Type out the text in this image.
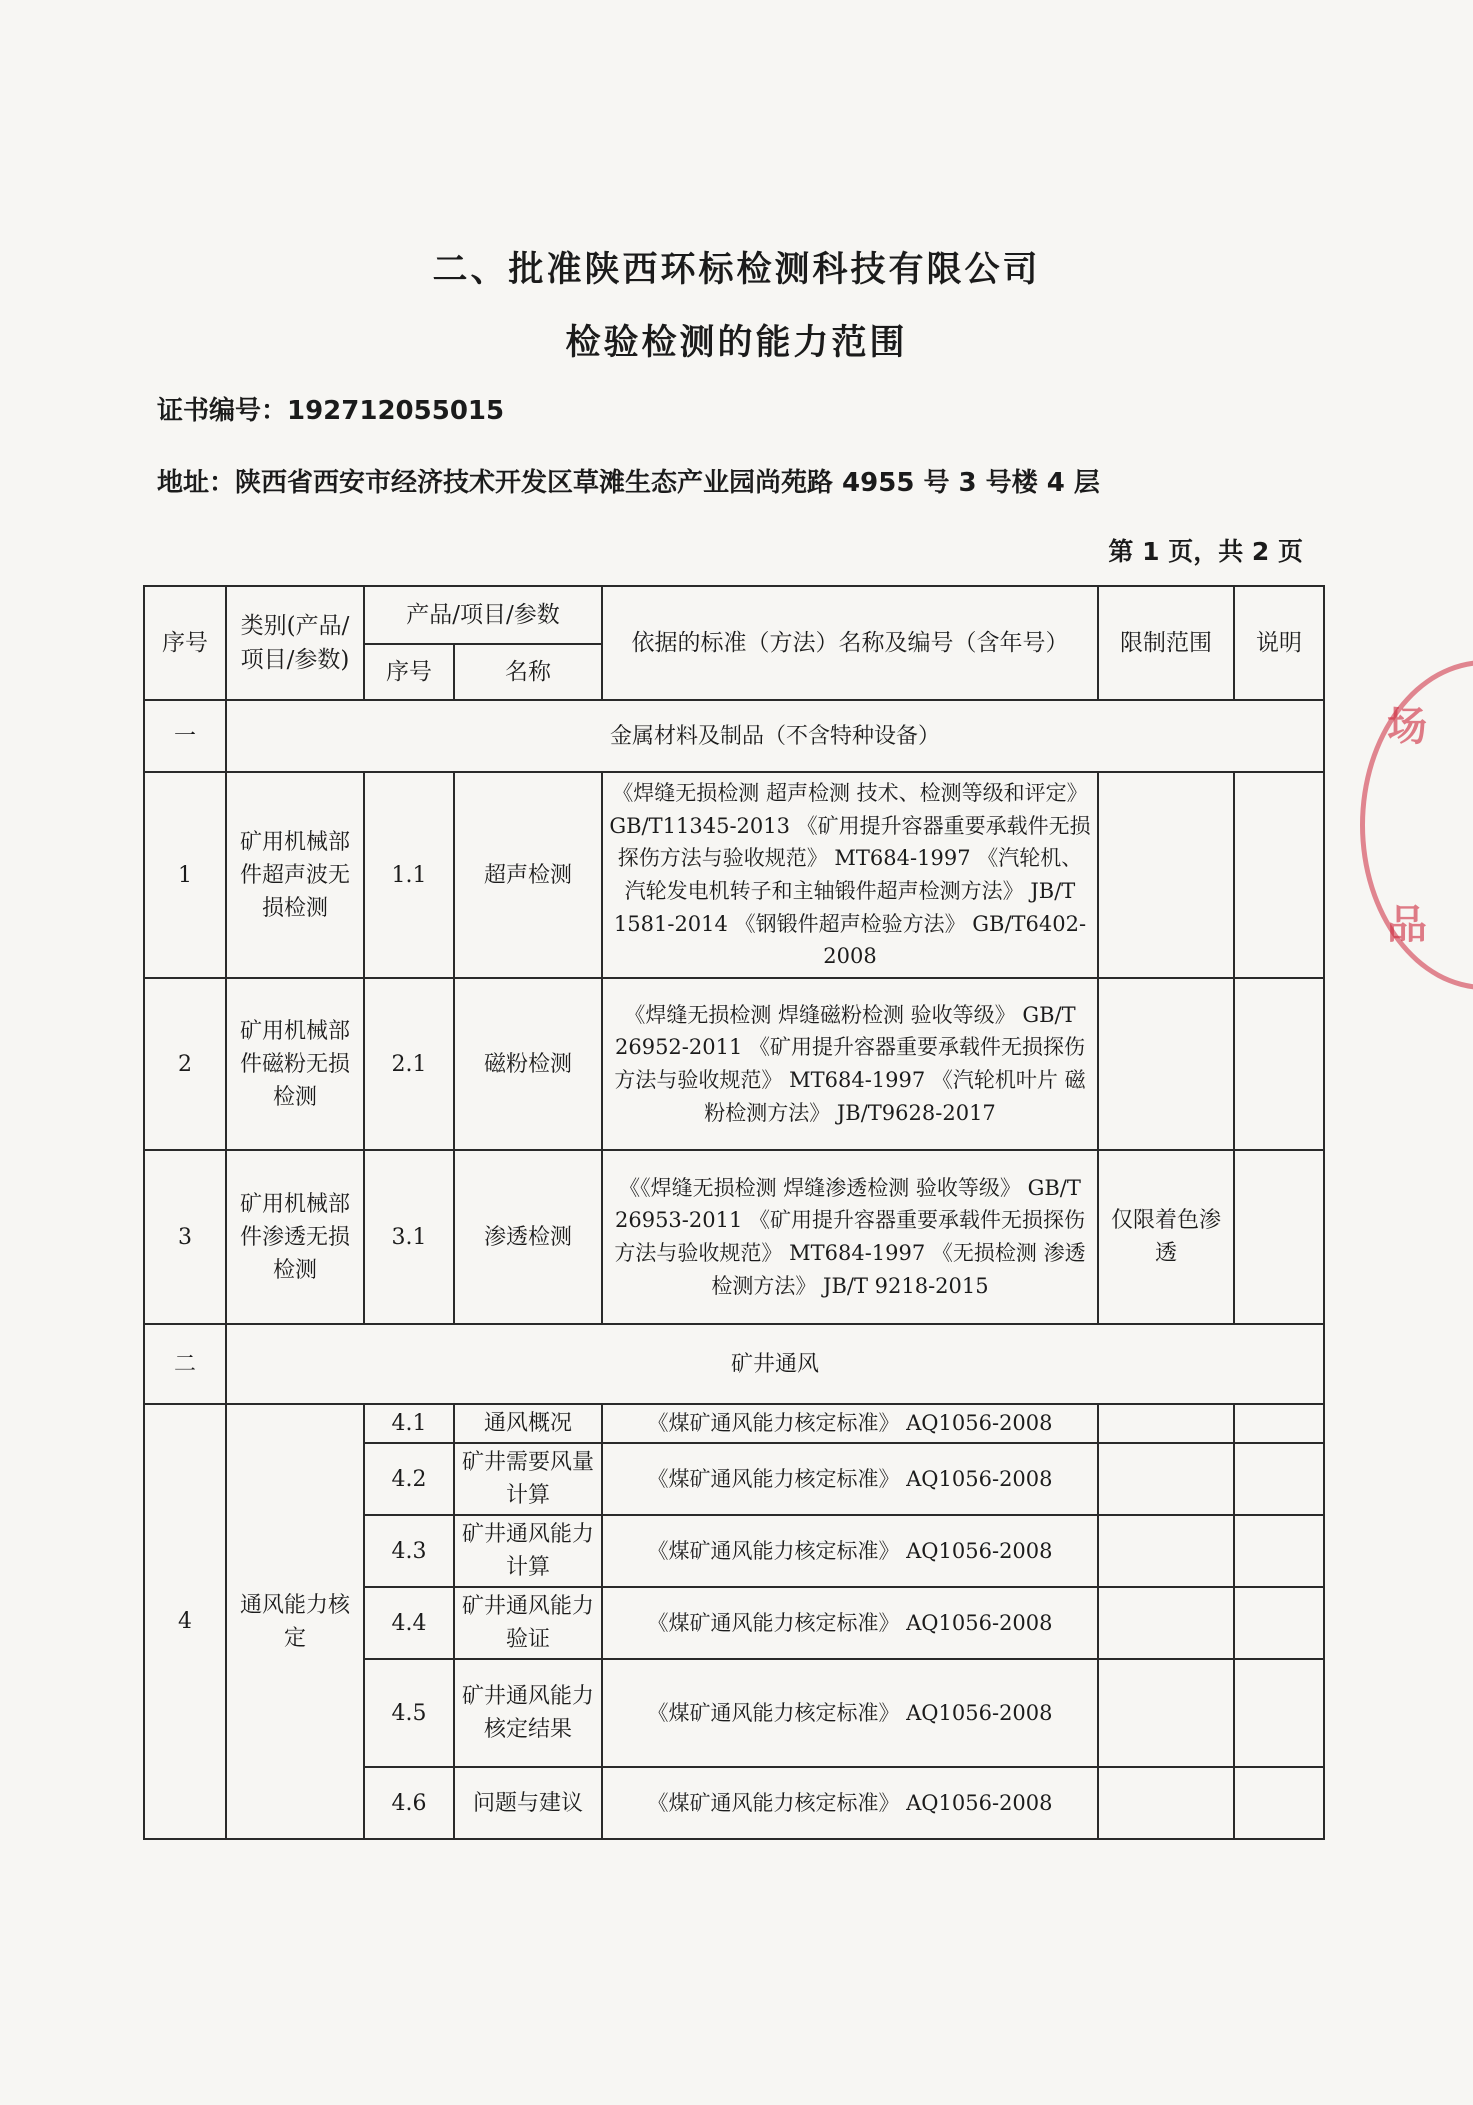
二、批准陕西环标检测科技有限公司
检验检测的能力范围
证书编号：192712055015
地址：陕西省西安市经济技术开发区草滩生态产业园尚苑路 4955 号 3 号楼 4 层
第 1 页，共 2 页
序号	类别(产品/项目/参数)	产品/项目/参数		依据的标准（方法）名称及编号（含年号）	限制范围	说明
		序号	名称			
一	金属材料及制品（不含特种设备）					
1	矿用机械部件超声波无损检测	1.1	超声检测	《焊缝无损检测 超声检测 技术、检测等级和评定》 GB/T11345-2013 《矿用提升容器重要承载件无损探伤方法与验收规范》 MT684-1997 《汽轮机、汽轮发电机转子和主轴锻件超声检测方法》 JB/T 1581-2014 《钢锻件超声检验方法》 GB/T6402-2008		
2	矿用机械部件磁粉无损检测	2.1	磁粉检测	《焊缝无损检测 焊缝磁粉检测 验收等级》 GB/T 26952-2011 《矿用提升容器重要承载件无损探伤方法与验收规范》 MT684-1997 《汽轮机叶片 磁粉检测方法》 JB/T9628-2017		
3	矿用机械部件渗透无损检测	3.1	渗透检测	《《焊缝无损检测 焊缝渗透检测 验收等级》 GB/T 26953-2011 《矿用提升容器重要承载件无损探伤方法与验收规范》 MT684-1997 《无损检测 渗透检测方法》 JB/T 9218-2015	仅限着色渗透	
二	矿井通风					
4	通风能力核定	4.1	通风概况	《煤矿通风能力核定标准》 AQ1056-2008		
		4.2	矿井需要风量计算	《煤矿通风能力核定标准》 AQ1056-2008		
		4.3	矿井通风能力计算	《煤矿通风能力核定标准》 AQ1056-2008		
		4.4	矿井通风能力验证	《煤矿通风能力核定标准》 AQ1056-2008		
		4.5	矿井通风能力核定结果	《煤矿通风能力核定标准》 AQ1056-2008		
		4.6	问题与建议	《煤矿通风能力核定标准》 AQ1056-2008		
场
品
